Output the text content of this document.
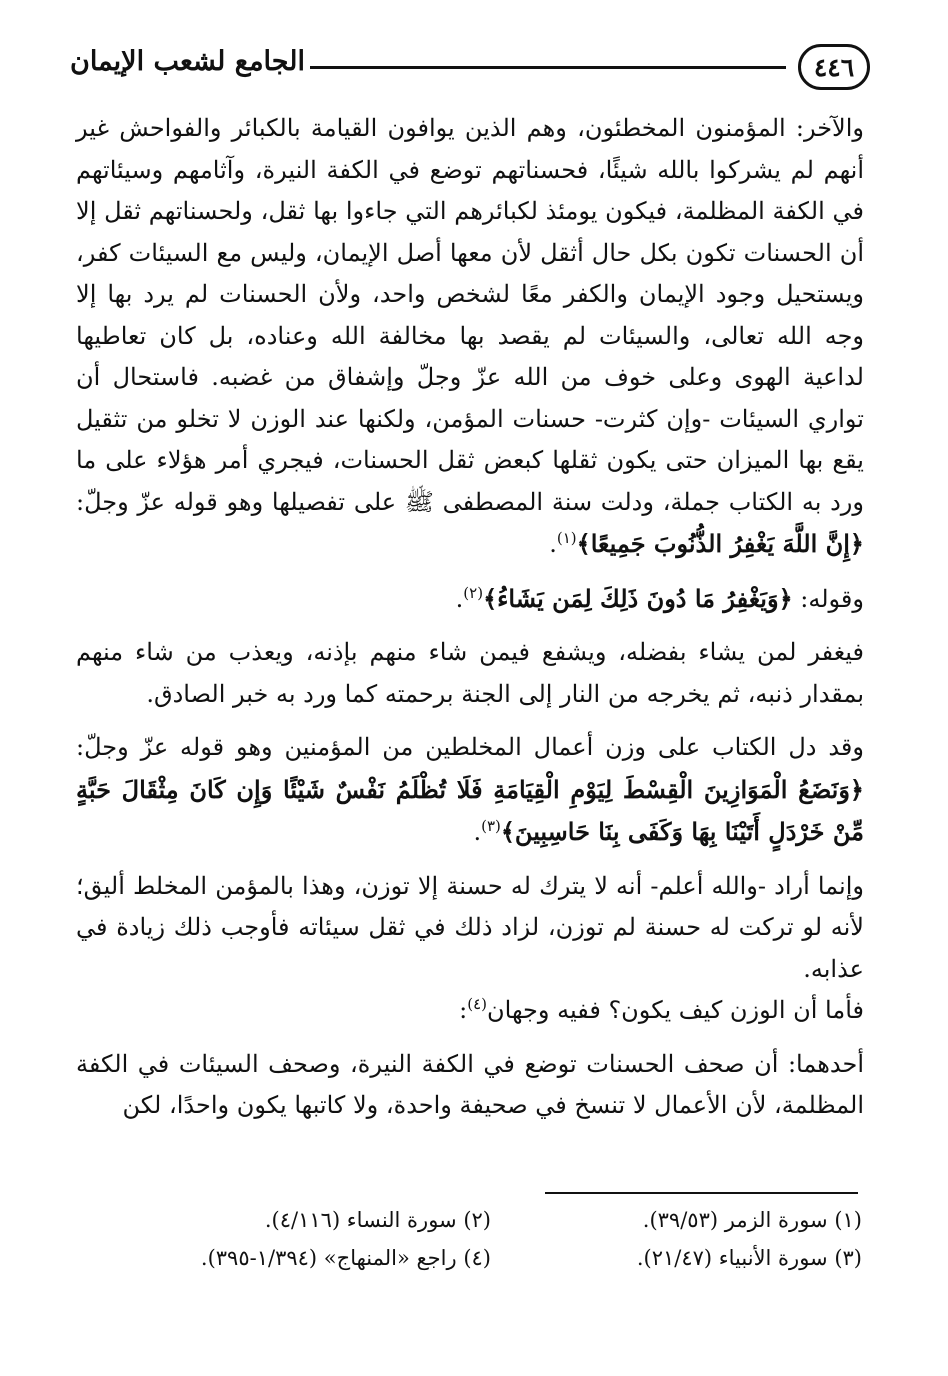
٤٤٦
الجامع لشعب الإيمان

والآخر: المؤمنون المخطئون، وهم الذين يوافون القيامة بالكبائر والفواحش غير أنهم لم يشركوا بالله شيئًا، فحسناتهم توضع في الكفة النيرة، وآثامهم وسيئاتهم في الكفة المظلمة، فيكون يومئذ لكبائرهم التي جاءوا بها ثقل، ولحسناتهم ثقل إلا أن الحسنات تكون بكل حال أثقل لأن معها أصل الإيمان، وليس مع السيئات كفر، ويستحيل وجود الإيمان والكفر معًا لشخص واحد، ولأن الحسنات لم يرد بها إلا وجه الله تعالى، والسيئات لم يقصد بها مخالفة الله وعناده، بل كان تعاطيها لداعية الهوى وعلى خوف من الله عزّ وجلّ وإشفاق من غضبه. فاستحال أن تواري السيئات -وإن كثرت- حسنات المؤمن، ولكنها عند الوزن لا تخلو من تثقيل يقع بها الميزان حتى يكون ثقلها كبعض ثقل الحسنات، فيجري أمر هؤلاء على ما ورد به الكتاب جملة، ودلت سنة المصطفى ﷺ على تفصيلها وهو قوله عزّ وجلّ: ﴿إِنَّ اللَّهَ يَغْفِرُ الذُّنُوبَ جَمِيعًا﴾$^{(١)}$.

وقوله: ﴿وَيَغْفِرُ مَا دُونَ ذَلِكَ لِمَن يَشَاءُ﴾$^{(٢)}$.

فيغفر لمن يشاء بفضله، ويشفع فيمن شاء منهم بإذنه، ويعذب من شاء منهم بمقدار ذنبه، ثم يخرجه من النار إلى الجنة برحمته كما ورد به خبر الصادق.

وقد دل الكتاب على وزن أعمال المخلطين من المؤمنين وهو قوله عزّ وجلّ: ﴿وَنَضَعُ الْمَوَازِينَ الْقِسْطَ لِيَوْمِ الْقِيَامَةِ فَلَا تُظْلَمُ نَفْسٌ شَيْئًا وَإِن كَانَ مِثْقَالَ حَبَّةٍ مِّنْ خَرْدَلٍ أَتَيْنَا بِهَا وَكَفَى بِنَا حَاسِبِينَ﴾$^{(٣)}$.

وإنما أراد -والله أعلم- أنه لا يترك له حسنة إلا توزن، وهذا بالمؤمن المخلط أليق؛ لأنه لو تركت له حسنة لم توزن، لزاد ذلك في ثقل سيئاته فأوجب ذلك زيادة في عذابه.

فأما أن الوزن كيف يكون؟ ففيه وجهان$^{(٤)}$:

أحدهما: أن صحف الحسنات توضع في الكفة النيرة، وصحف السيئات في الكفة المظلمة، لأن الأعمال لا تنسخ في صحيفة واحدة، ولا كاتبها يكون واحدًا، لكن

(١) سورة الزمر (٣٩/٥٣).
(٢) سورة النساء (٤/١١٦).
(٣) سورة الأنبياء (٢١/٤٧).
(٤) راجع «المنهاج» (١/٣٩٤-٣٩٥).
